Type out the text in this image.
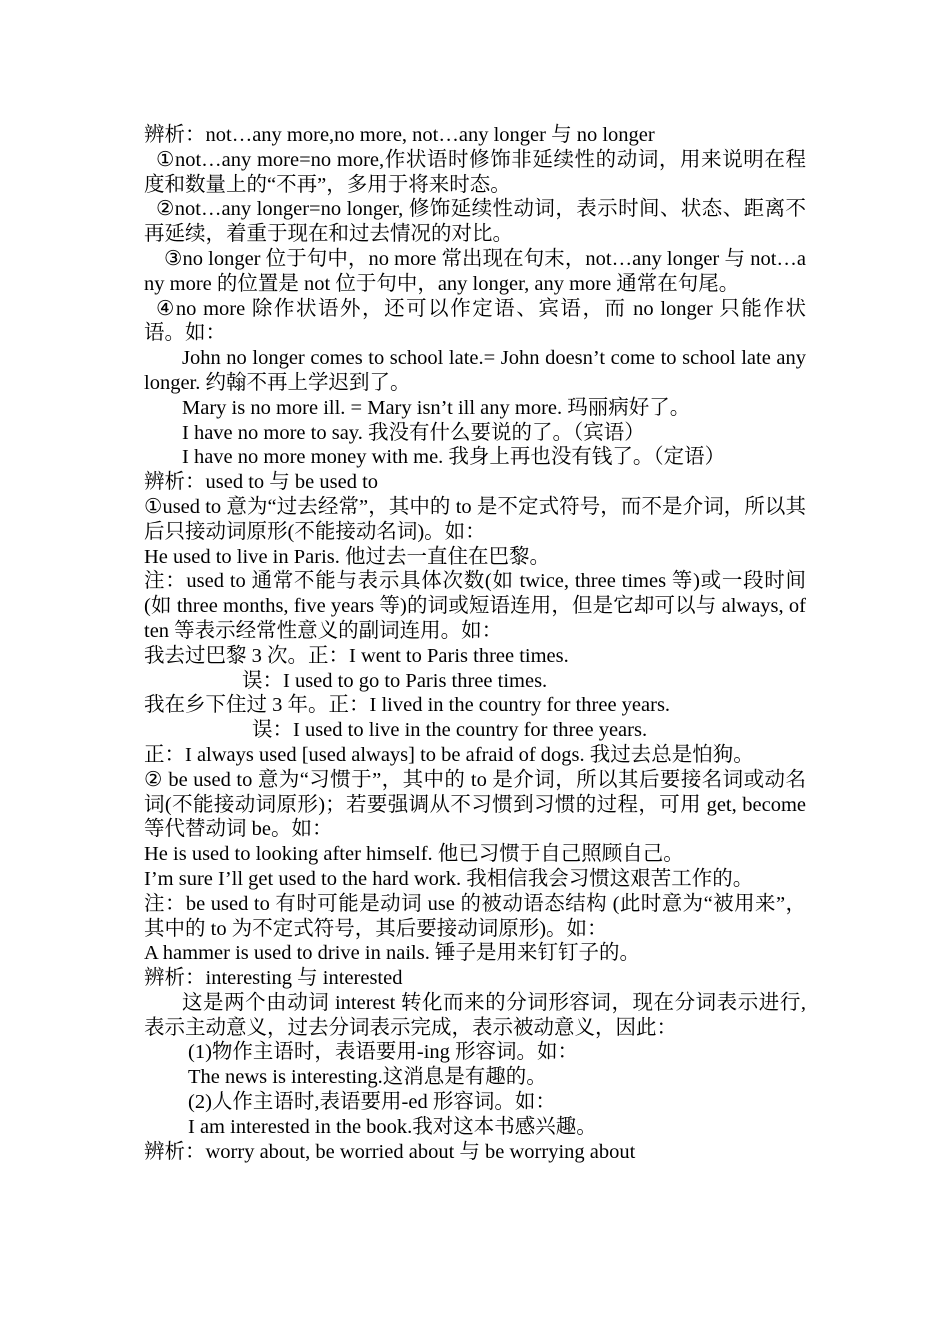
辨析：not…any more,no more, not…any longer 与 no longer

①not…any more=no more,作状语时修饰非延续性的动词，用来说明在程度和数量上的“不再”，多用于将来时态。

②not…any longer=no longer, 修饰延续性动词，表示时间、状态、距离不再延续，着重于现在和过去情况的对比。

③no longer 位于句中，no more 常出现在句末，not…any longer 与 not…any more 的位置是 not 位于句中，any longer, any more 通常在句尾。

④no more 除作状语外，还可以作定语、宾语，而 no longer 只能作状语。如：

John no longer comes to school late.= John doesn’t come to school late any longer. 约翰不再上学迟到了。

Mary is no more ill. = Mary isn’t ill any more. 玛丽病好了。

I have no more to say. 我没有什么要说的了。（宾语）

I have no more money with me. 我身上再也没有钱了。（定语）

辨析：used to 与 be used to

①used to 意为“过去经常”，其中的 to 是不定式符号，而不是介词，所以其后只接动词原形(不能接动名词)。如：

He used to live in Paris. 他过去一直住在巴黎。

注：used to 通常不能与表示具体次数(如 twice, three times 等)或一段时间(如 three months, five years 等)的词或短语连用，但是它却可以与 always, often 等表示经常性意义的副词连用。如：

我去过巴黎 3 次。正：I went to Paris three times.

误：I used to go to Paris three times.

我在乡下住过 3 年。正：I lived in the country for three years.

误：I used to live in the country for three years.

正：I always used [used always] to be afraid of dogs. 我过去总是怕狗。

② be used to 意为“习惯于”，其中的 to 是介词，所以其后要接名词或动名词(不能接动词原形)；若要强调从不习惯到习惯的过程，可用 get, become 等代替动词 be。如：

He is used to looking after himself. 他已习惯于自己照顾自己。

I’m sure I’ll get used to the hard work. 我相信我会习惯这艰苦工作的。

注：be used to 有时可能是动词 use 的被动语态结构 (此时意为“被用来”，其中的 to 为不定式符号，其后要接动词原形)。如：

A hammer is used to drive in nails. 锤子是用来钉钉子的。

辨析：interesting 与 interested

这是两个由动词 interest 转化而来的分词形容词，现在分词表示进行,表示主动意义，过去分词表示完成，表示被动意义，因此：

(1)物作主语时，表语要用-ing 形容词。如：

The news is interesting.这消息是有趣的。

(2)人作主语时,表语要用-ed 形容词。如：

I am interested in the book.我对这本书感兴趣。

辨析：worry about, be worried about 与 be worrying about
